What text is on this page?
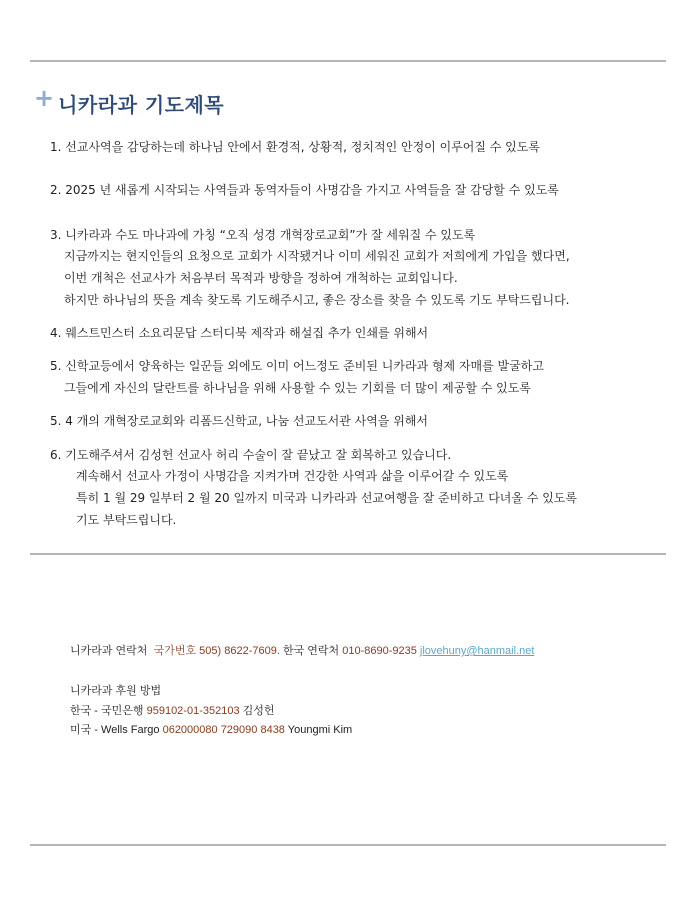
+ 니카라과 기도제목
1. 선교사역을 감당하는데 하나님 안에서 환경적, 상황적, 정치적인 안정이 이루어질 수 있도록
2. 2025 년 새롭게 시작되는 사역들과 동역자들이 사명감을 가지고 사역들을 잘 감당할 수 있도록
3. 니카라과 수도 마나과에 가칭 “오직 성경 개혁장로교회”가 잘 세워질 수 있도록
지금까지는 현지인들의 요청으로 교회가 시작됐거나 이미 세워진 교회가 저희에게 가입을 했다면,
이번 개척은 선교사가 처음부터 목적과 방향을 정하여 개척하는 교회입니다.
하지만 하나님의 뜻을 계속 찾도록 기도해주시고, 좋은 장소를 찾을 수 있도록 기도 부탁드립니다.
4. 웨스트민스터 소요리문답 스터디북 제작과 해설집 추가 인쇄를 위해서
5. 신학교등에서 양육하는 일꾼들 외에도 이미 어느정도 준비된 니카라과 형제 자매를 발굴하고
그들에게 자신의 달란트를 하나님을 위해 사용할 수 있는 기회를 더 많이 제공할 수 있도록
5. 4 개의 개혁장로교회와 리폼드신학교, 나눔 선교도서관 사역을 위해서
6. 기도해주셔서 김성헌 선교사 허리 수술이 잘 끝났고 잘 회복하고 있습니다.
계속해서 선교사 가정이 사명감을 지켜가며 건강한 사역과 삶을 이루어갈 수 있도록
특히 1 월 29 일부터 2 월 20 일까지 미국과 니카라과 선교여행을 잘 준비하고 다녀올 수 있도록
기도 부탁드립니다.
니카라과 연락처 국가번호 505) 8622-7609. 한국 연락처 010-8690-9235 jlovehuny@hanmail.net
니카라과 후원 방법
한국 - 국민은행 959102-01-352103 김성헌
미국 - Wells Fargo 062000080 729090 8438 Youngmi Kim
